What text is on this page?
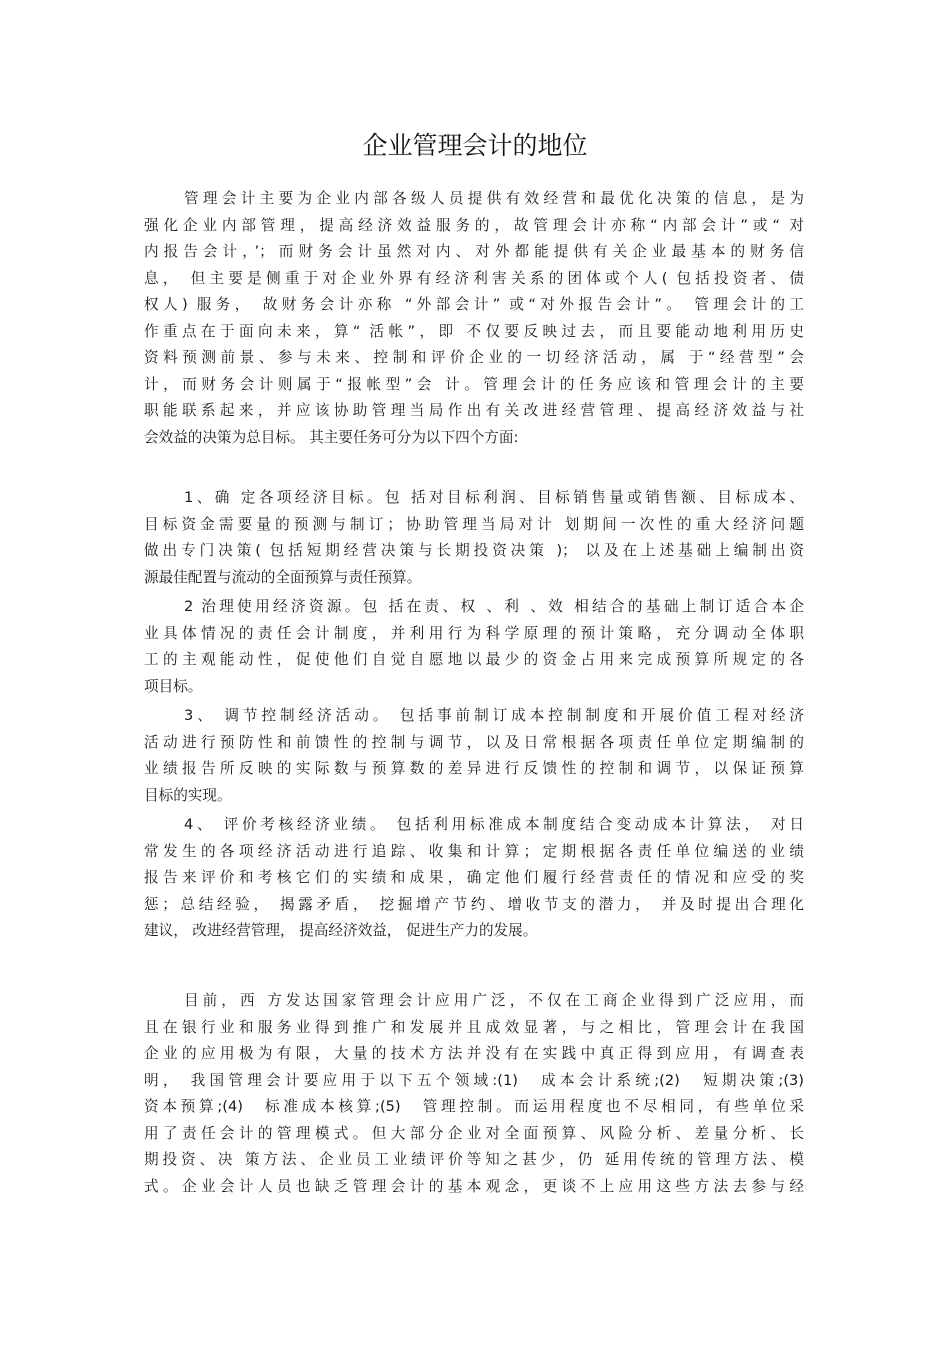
企业管理会计的地位
管理会计主要为企业内部各级人员提供有效经营和最优化决策的信息，是为
强化企业内部管理，提高经济效益服务的，故管理会计亦称“内部会计”或“ 对
内报告会计，’；而财务会计虽然对内、对外都能提供有关企业最基本的财务信
息， 但主要是侧重于对企业外界有经济利害关系的团体或个人( 包括投资者、债
权人) 服务， 故财务会计亦称 “外部会计” 或“对外报告会计”。 管理会计的工
作重点在于面向未来，算“ 活帐”，即 不仅要反映过去，而且要能动地利用历史
资料预测前景、参与未来、控制和评价企业的一切经济活动，属 于“经营型”会
计，而财务会计则属于“报帐型”会 计。管理会计的任务应该和管理会计的主要
职能联系起来，并应该协助管理当局作出有关改进经营管理、提高经济效益与社
会效益的决策为总目标。 其主要任务可分为以下四个方面:
1、确 定各项经济目标。包 括对目标利润、目标销售量或销售额、目标成本、
目标资金需要量的预测与制订；协助管理当局对计 划期间一次性的重大经济问题
做出专门决策( 包括短期经营决策与长期投资决策 )； 以及在上述基础上编制出资
源最佳配置与流动的全面预算与责任预算。
2 治理使用经济资源。包 括在责、权 、利 、效 相结合的基础上制订适合本企
业具体情况的责任会计制度，并利用行为科学原理的预计策略，充分调动全体职
工的主观能动性，促使他们自觉自愿地以最少的资金占用来完成预算所规定的各
项目标。
3、 调节控制经济活动。 包括事前制订成本控制制度和开展价值工程对经济
活动进行预防性和前馈性的控制与调节，以及日常根据各项责任单位定期编制的
业绩报告所反映的实际数与预算数的差异进行反馈性的控制和调节，以保证预算
目标的实现。
4、 评价考核经济业绩。 包括利用标准成本制度结合变动成本计算法， 对日
常发生的各项经济活动进行追踪、收集和计算；定期根据各责任单位编送的业绩
报告来评价和考核它们的实绩和成果，确定他们履行经营责任的情况和应受的奖
惩；总结经验， 揭露矛盾， 挖掘增产节约、增收节支的潜力， 并及时提出合理化
建议， 改进经营管理， 提高经济效益， 促进生产力的发展。
目前，西 方发达国家管理会计应用广泛，不仅在工商企业得到广泛应用，而
且在银行业和服务业得到推广和发展并且成效显著，与之相比，管理会计在我国
企业的应用极为有限，大量的技术方法并没有在实践中真正得到应用，有调查表
明， 我国管理会计要应用于以下五个领域:(1)　成本会计系统;(2)　短期决策;(3)
资本预算;(4)　标准成本核算;(5)　管理控制。而运用程度也不尽相同，有些单位采
用了责任会计的管理模式。但大部分企业对全面预算、风险分析、差量分析、长
期投资、决 策方法、企业员工业绩评价等知之甚少，仍 延用传统的管理方法、模
式。企业会计人员也缺乏管理会计的基本观念，更谈不上应用这些方法去参与经
